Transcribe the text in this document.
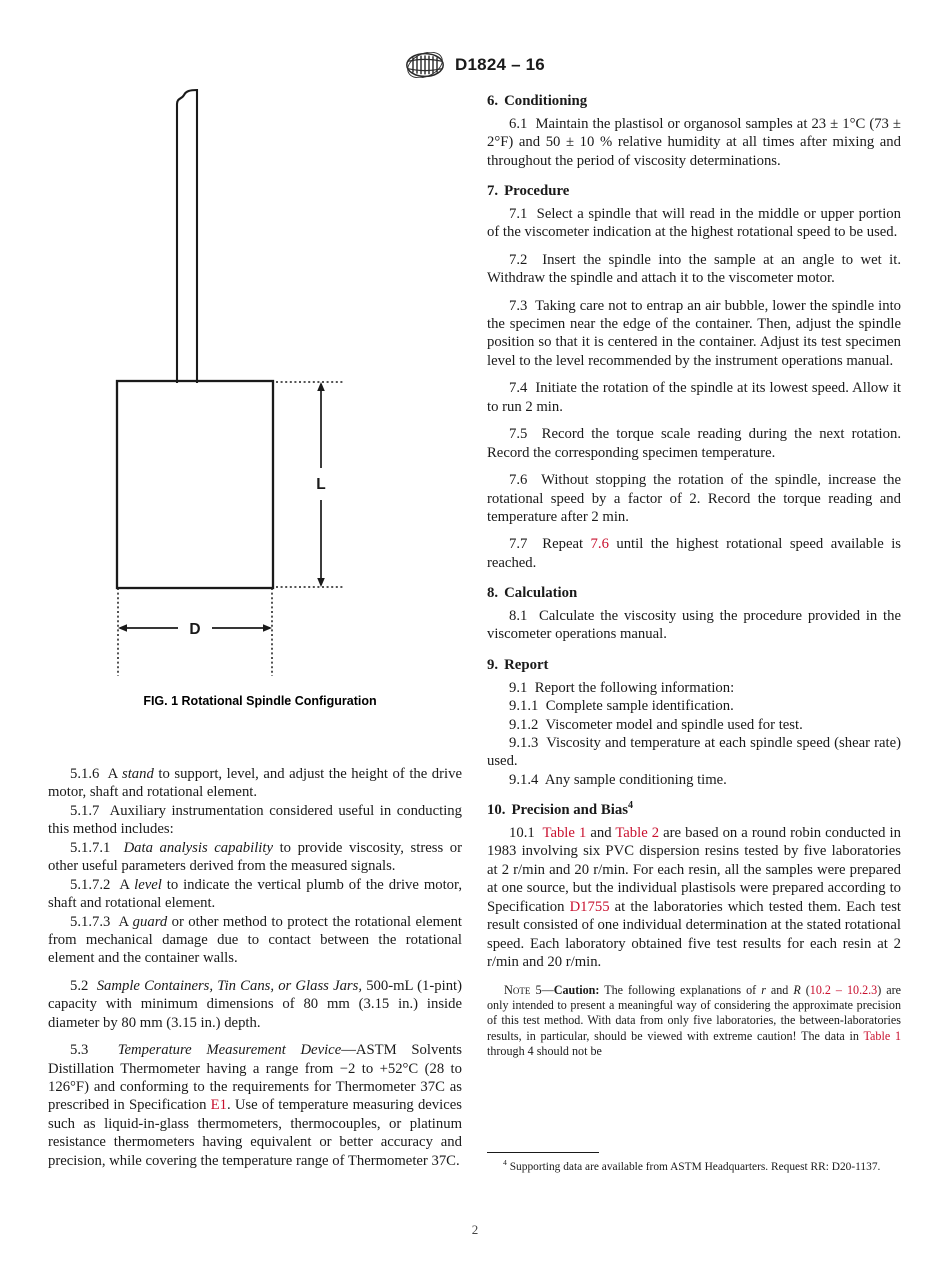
D1824 – 16
L
D
FIG. 1 Rotational Spindle Configuration

5.1.6 A stand to support, level, and adjust the height of the drive motor, shaft and rotational element.

5.1.7 Auxiliary instrumentation considered useful in conducting this method includes:

5.1.7.1 Data analysis capability to provide viscosity, stress or other useful parameters derived from the measured signals.

5.1.7.2 A level to indicate the vertical plumb of the drive motor, shaft and rotational element.

5.1.7.3 A guard or other method to protect the rotational element from mechanical damage due to contact between the rotational element and the container walls.

5.2 Sample Containers, Tin Cans, or Glass Jars, 500-mL (1-pint) capacity with minimum dimensions of 80 mm (3.15 in.) inside diameter by 80 mm (3.15 in.) depth.

5.3 Temperature Measurement Device—ASTM Solvents Distillation Thermometer having a range from −2 to +52°C (28 to 126°F) and conforming to the requirements for Thermometer 37C as prescribed in Specification E1. Use of temperature measuring devices such as liquid-in-glass thermometers, thermocouples, or platinum resistance thermometers having equivalent or better accuracy and precision, while covering the temperature range of Thermometer 37C.

6. Conditioning

6.1 Maintain the plastisol or organosol samples at 23 ± 1°C (73 ± 2°F) and 50 ± 10 % relative humidity at all times after mixing and throughout the period of viscosity determinations.

7. Procedure

7.1 Select a spindle that will read in the middle or upper portion of the viscometer indication at the highest rotational speed to be used.

7.2 Insert the spindle into the sample at an angle to wet it. Withdraw the spindle and attach it to the viscometer motor.

7.3 Taking care not to entrap an air bubble, lower the spindle into the specimen near the edge of the container. Then, adjust the spindle position so that it is centered in the container. Adjust its test specimen level to the level recommended by the instrument operations manual.

7.4 Initiate the rotation of the spindle at its lowest speed. Allow it to run 2 min.

7.5 Record the torque scale reading during the next rotation. Record the corresponding specimen temperature.

7.6 Without stopping the rotation of the spindle, increase the rotational speed by a factor of 2. Record the torque reading and temperature after 2 min.

7.7 Repeat 7.6 until the highest rotational speed available is reached.

8. Calculation

8.1 Calculate the viscosity using the procedure provided in the viscometer operations manual.

9. Report

9.1 Report the following information:

9.1.1 Complete sample identification.

9.1.2 Viscometer model and spindle used for test.

9.1.3 Viscosity and temperature at each spindle speed (shear rate) used.

9.1.4 Any sample conditioning time.

10. Precision and Bias$^4$

10.1 Table 1 and Table 2 are based on a round robin conducted in 1983 involving six PVC dispersion resins tested by five laboratories at 2 r/min and 20 r/min. For each resin, all the samples were prepared at one source, but the individual plastisols were prepared according to Specification D1755 at the laboratories which tested them. Each test result consisted of one individual determination at the stated rotational speed. Each laboratory obtained five test results for each resin at 2 r/min and 20 r/min.

Note 5—Caution: The following explanations of r and R (10.2 – 10.2.3) are only intended to present a meaningful way of considering the approximate precision of this test method. With data from only five laboratories, the between-laboratories results, in particular, should be viewed with extreme caution! The data in Table 1 through 4 should not be

$^4$ Supporting data are available from ASTM Headquarters. Request RR: D20-1137.

2
